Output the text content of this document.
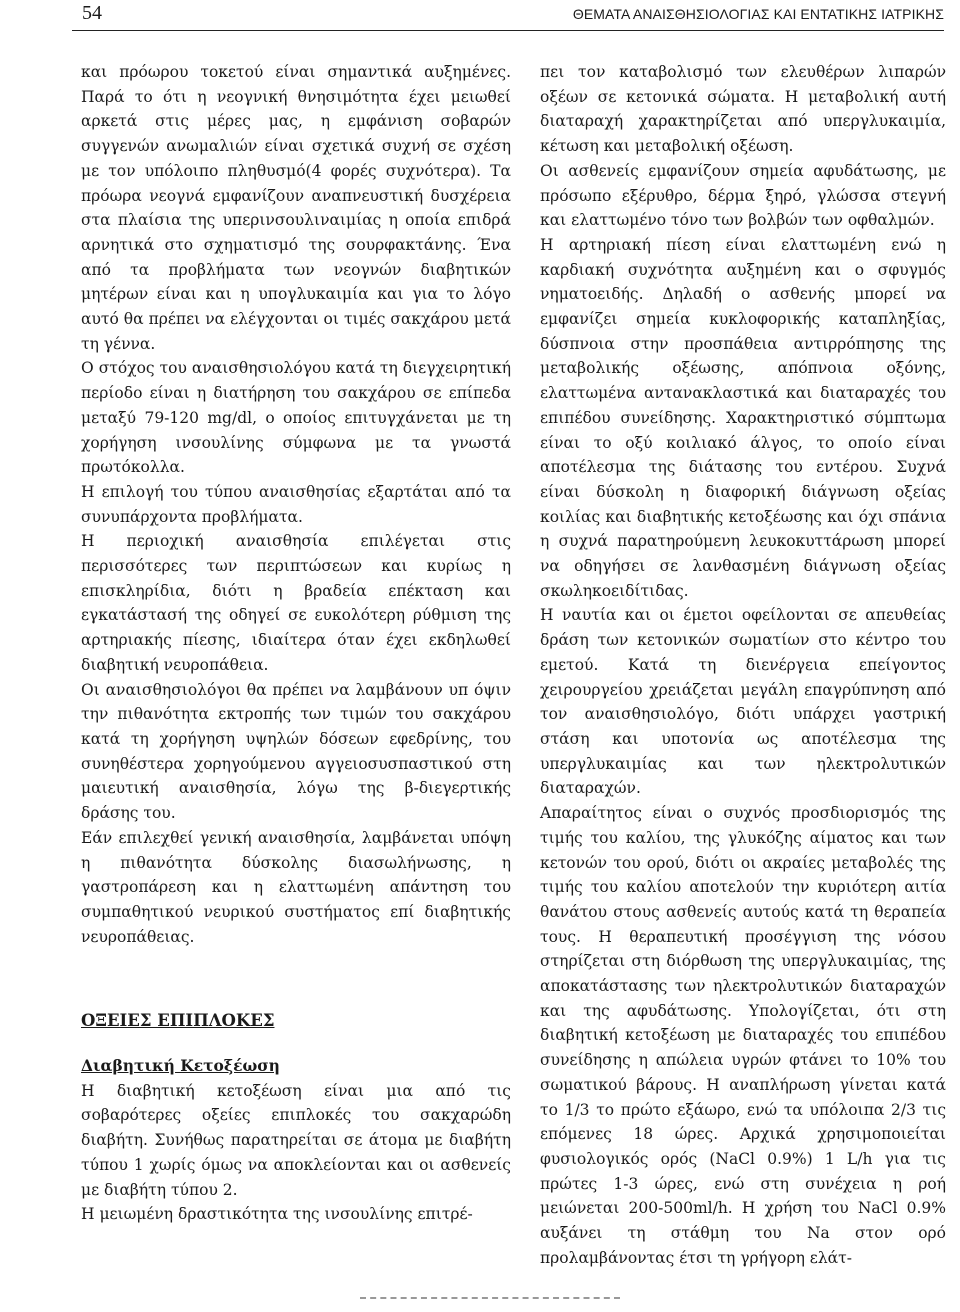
54	ΘΕΜΑΤΑ ΑΝΑΙΣΘΗΣΙΟΛΟΓΙΑΣ ΚΑΙ ΕΝΤΑΤΙΚΗΣ ΙΑΤΡΙΚΗΣ

και πρόωρου τοκετού είναι σημαντικά αυξημένες. Παρά το ότι η νεογνική θνησιμότητα έχει μειωθεί αρκετά στις μέρες μας, η εμφάνιση σοβαρών συγγενών ανωμαλιών είναι σχετικά συχνή σε σχέση με τον υπόλοιπο πληθυσμό(4 φορές συχνότερα). Τα πρόωρα νεογνά εμφανίζουν αναπνευστική δυσχέρεια στα πλαίσια της υπερινσουλιναιμίας η οποία επιδρά αρνητικά στο σχηματισμό της σουρφακτάνης. Ένα από τα προβλήματα των νεογνών διαβητικών μητέρων είναι και η υπογλυκαιμία και για το λόγο αυτό θα πρέπει να ελέγχονται οι τιμές σακχάρου μετά τη γέννα.

Ο στόχος του αναισθησιολόγου κατά τη διεγχειρητική περίοδο είναι η διατήρηση του σακχάρου σε επίπεδα μεταξύ 79-120 mg/dl, ο οποίος επιτυγχάνεται με τη χορήγηση ινσουλίνης σύμφωνα με τα γνωστά πρωτόκολλα.

Η επιλογή του τύπου αναισθησίας εξαρτάται από τα συνυπάρχοντα προβλήματα.

Η περιοχική αναισθησία επιλέγεται στις περισσότερες των περιπτώσεων και κυρίως η επισκληρίδια, διότι η βραδεία επέκταση και εγκατάστασή της οδηγεί σε ευκολότερη ρύθμιση της αρτηριακής πίεσης, ιδιαίτερα όταν έχει εκδηλωθεί διαβητική νευροπάθεια.

Οι αναισθησιολόγοι θα πρέπει να λαμβάνουν υπ όψιν την πιθανότητα εκτροπής των τιμών του σακχάρου κατά τη χορήγηση υψηλών δόσεων εφεδρίνης, του συνηθέστερα χορηγούμενου αγγειοσυσπαστικού στη μαιευτική αναισθησία, λόγω της β-διεγερτικής δράσης του.

Εάν επιλεχθεί γενική αναισθησία, λαμβάνεται υπόψη η πιθανότητα δύσκολης διασωλήνωσης, η γαστροπάρεση και η ελαττωμένη απάντηση του συμπαθητικού νευρικού συστήματος επί διαβητικής νευροπάθειας.

ΟΞΕΙΕΣ ΕΠΙΠΛΟΚΕΣ
Διαβητική Κετοξέωση

Η διαβητική κετοξέωση είναι μια από τις σοβαρότερες οξείες επιπλοκές του σακχαρώδη διαβήτη. Συνήθως παρατηρείται σε άτομα με διαβήτη τύπου 1 χωρίς όμως να αποκλείονται και οι ασθενείς με διαβήτη τύπου 2.

Η μειωμένη δραστικότητα της ινσουλίνης επιτρέ-

πει τον καταβολισμό των ελευθέρων λιπαρών οξέων σε κετονικά σώματα. Η μεταβολική αυτή διαταραχή χαρακτηρίζεται από υπεργλυκαιμία, κέτωση και μεταβολική οξέωση.

Οι ασθενείς εμφανίζουν σημεία αφυδάτωσης, με πρόσωπο εξέρυθρο, δέρμα ξηρό, γλώσσα στεγνή και ελαττωμένο τόνο των βολβών των οφθαλμών.

Η αρτηριακή πίεση είναι ελαττωμένη ενώ η καρδιακή συχνότητα αυξημένη και ο σφυγμός νηματοειδής. Δηλαδή ο ασθενής μπορεί να εμφανίζει σημεία κυκλοφορικής καταπληξίας, δύσπνοια στην προσπάθεια αντιρρόπησης της μεταβολικής οξέωσης, απόπνοια οξόνης, ελαττωμένα αντανακλαστικά και διαταραχές του επιπέδου συνείδησης. Χαρακτηριστικό σύμπτωμα είναι το οξύ κοιλιακό άλγος, το οποίο είναι αποτέλεσμα της διάτασης του εντέρου. Συχνά είναι δύσκολη η διαφορική διάγνωση οξείας κοιλίας και διαβητικής κετοξέωσης και όχι σπάνια η συχνά παρατηρούμενη λευκοκυττάρωση μπορεί να οδηγήσει σε λανθασμένη διάγνωση οξείας σκωληκοειδίτιδας.

Η ναυτία και οι έμετοι οφείλονται σε απευθείας δράση των κετονικών σωματίων στο κέντρο του εμετού. Κατά τη διενέργεια επείγοντος χειρουργείου χρειάζεται μεγάλη επαγρύπνηση από τον αναισθησιολόγο, διότι υπάρχει γαστρική στάση και υποτονία ως αποτέλεσμα της υπεργλυκαιμίας και των ηλεκτρολυτικών διαταραχών.

Απαραίτητος είναι ο συχνός προσδιορισμός της τιμής του καλίου, της γλυκόζης αίματος και των κετονών του ορού, διότι οι ακραίες μεταβολές της τιμής του καλίου αποτελούν την κυριότερη αιτία θανάτου στους ασθενείς αυτούς κατά τη θεραπεία τους. Η θεραπευτική προσέγγιση της νόσου στηρίζεται στη διόρθωση της υπεργλυκαιμίας, της αποκατάστασης των ηλεκτρολυτικών διαταραχών και της αφυδάτωσης. Υπολογίζεται, ότι στη διαβητική κετοξέωση με διαταραχές του επιπέδου συνείδησης η απώλεια υγρών φτάνει το 10% του σωματικού βάρους. Η αναπλήρωση γίνεται κατά το 1/3 το πρώτο εξάωρο, ενώ τα υπόλοιπα 2/3 τις επόμενες 18 ώρες. Αρχικά χρησιμοποιείται φυσιολογικός ορός (NaCl 0.9%) 1 L/h για τις πρώτες 1-3 ώρες, ενώ στη συνέχεια η ροή μειώνεται 200-500ml/h. Η χρήση του NaCl 0.9% αυξάνει τη στάθμη του Na στον ορό προλαμβάνοντας έτσι τη γρήγορη ελάτ-
